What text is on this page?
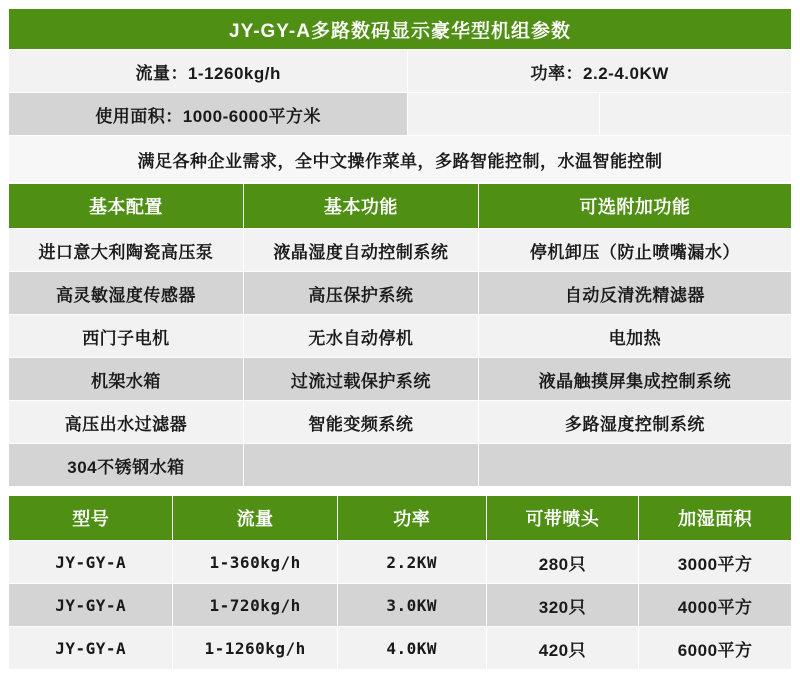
JY-GY-A多路数码显示豪华型机组参数		
流量：1-1260kg/h	功率：2.2-4.0KW	
使用面积：1000-6000平方米		
满足各种企业需求，全中文操作菜单，多路智能控制，水温智能控制		
基本配置	基本功能	可选附加功能
进口意大利陶瓷高压泵	液晶湿度自动控制系统	停机卸压（防止喷嘴漏水）
高灵敏湿度传感器	高压保护系统	自动反清洗精滤器
西门子电机	无水自动停机	电加热
机架水箱	过流过载保护系统	液晶触摸屏集成控制系统
高压出水过滤器	智能变频系统	多路湿度控制系统
304不锈钢水箱		
型号	流量	功率	可带喷头	加湿面积
JY-GY-A	1-360kg/h	2.2KW	280只	3000平方
JY-GY-A	1-720kg/h	3.0KW	320只	4000平方
JY-GY-A	1-1260kg/h	4.0KW	420只	6000平方
